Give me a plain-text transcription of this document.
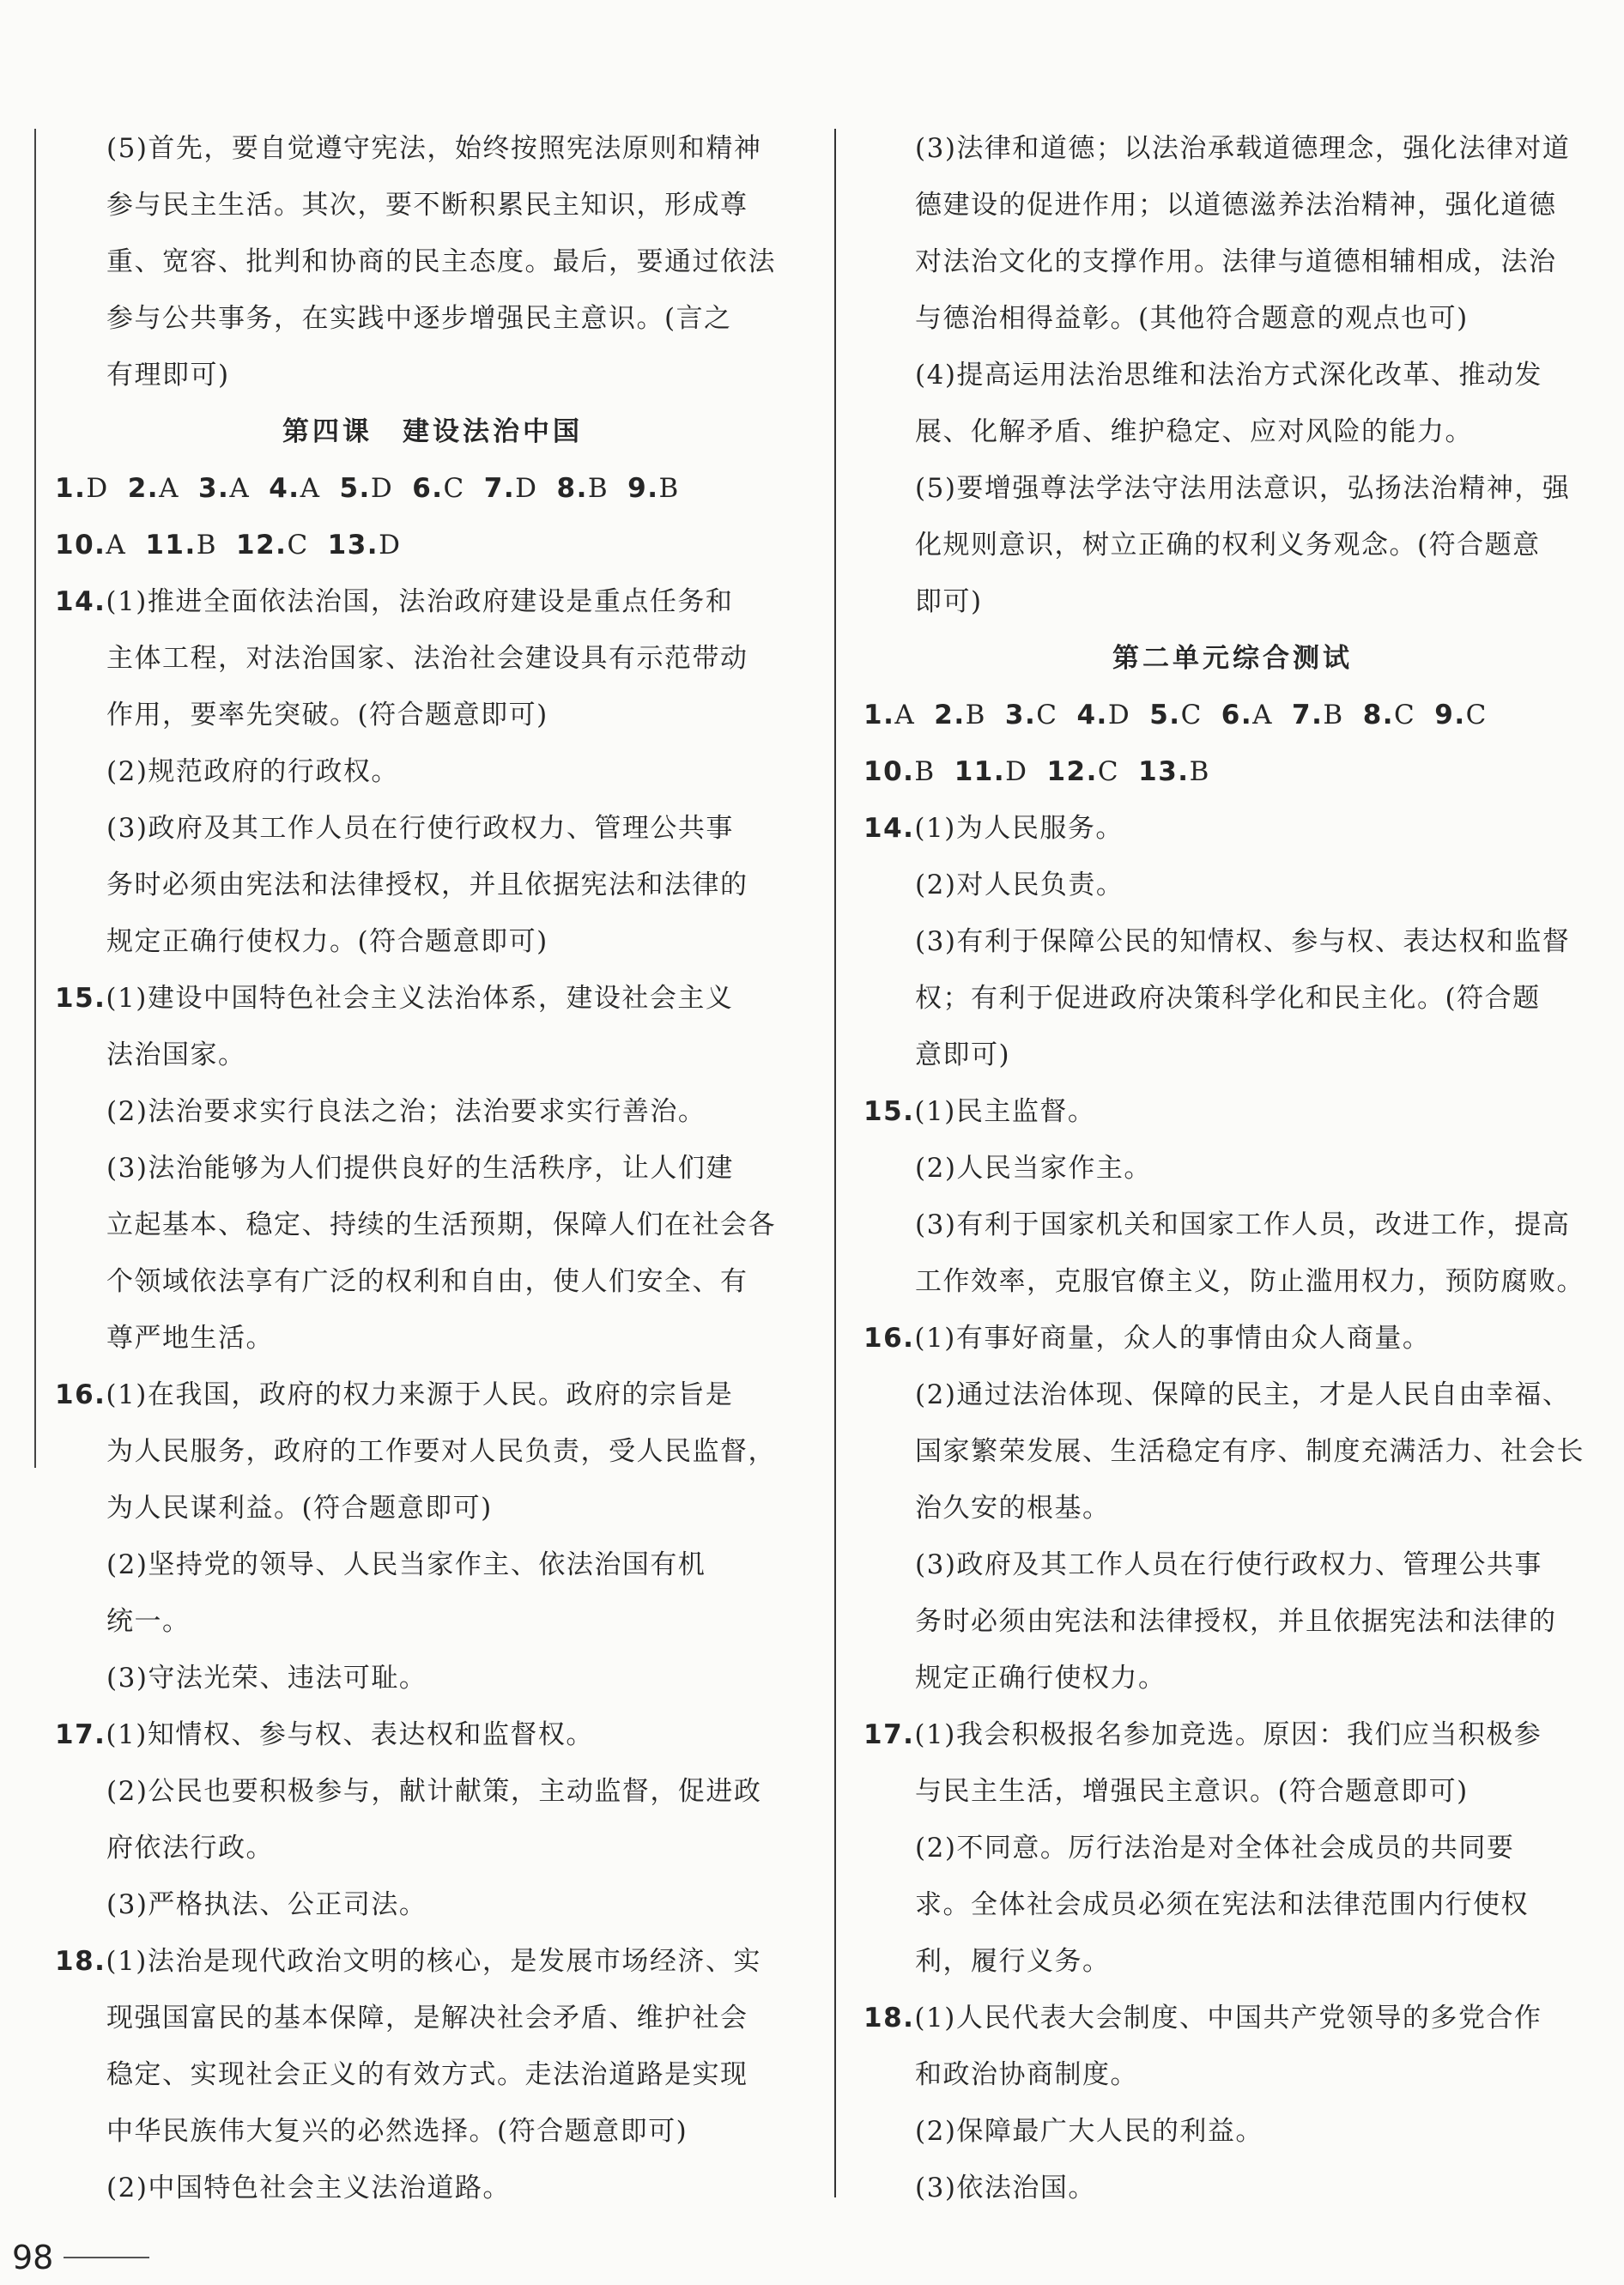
(5)首先，要自觉遵守宪法，始终按照宪法原则和精神
参与民主生活。其次，要不断积累民主知识，形成尊
重、宽容、批判和协商的民主态度。最后，要通过依法
参与公共事务，在实践中逐步增强民主意识。(言之
有理即可)
第四课　建设法治中国
1.D 2.A 3.A 4.A 5.D 6.C 7.D 8.B 9.B
10.A 11.B 12.C 13.D
14.(1)推进全面依法治国，法治政府建设是重点任务和
主体工程，对法治国家、法治社会建设具有示范带动
作用，要率先突破。(符合题意即可)
(2)规范政府的行政权。
(3)政府及其工作人员在行使行政权力、管理公共事
务时必须由宪法和法律授权，并且依据宪法和法律的
规定正确行使权力。(符合题意即可)
15.(1)建设中国特色社会主义法治体系，建设社会主义
法治国家。
(2)法治要求实行良法之治；法治要求实行善治。
(3)法治能够为人们提供良好的生活秩序，让人们建
立起基本、稳定、持续的生活预期，保障人们在社会各
个领域依法享有广泛的权利和自由，使人们安全、有
尊严地生活。
16.(1)在我国，政府的权力来源于人民。政府的宗旨是
为人民服务，政府的工作要对人民负责，受人民监督，
为人民谋利益。(符合题意即可)
(2)坚持党的领导、人民当家作主、依法治国有机
统一。
(3)守法光荣、违法可耻。
17.(1)知情权、参与权、表达权和监督权。
(2)公民也要积极参与，献计献策，主动监督，促进政
府依法行政。
(3)严格执法、公正司法。
18.(1)法治是现代政治文明的核心，是发展市场经济、实
现强国富民的基本保障，是解决社会矛盾、维护社会
稳定、实现社会正义的有效方式。走法治道路是实现
中华民族伟大复兴的必然选择。(符合题意即可)
(2)中国特色社会主义法治道路。
(3)法律和道德；以法治承载道德理念，强化法律对道
德建设的促进作用；以道德滋养法治精神，强化道德
对法治文化的支撑作用。法律与道德相辅相成，法治
与德治相得益彰。(其他符合题意的观点也可)
(4)提高运用法治思维和法治方式深化改革、推动发
展、化解矛盾、维护稳定、应对风险的能力。
(5)要增强尊法学法守法用法意识，弘扬法治精神，强
化规则意识，树立正确的权利义务观念。(符合题意
即可)
第二单元综合测试
1.A 2.B 3.C 4.D 5.C 6.A 7.B 8.C 9.C
10.B 11.D 12.C 13.B
14.(1)为人民服务。
(2)对人民负责。
(3)有利于保障公民的知情权、参与权、表达权和监督
权；有利于促进政府决策科学化和民主化。(符合题
意即可)
15.(1)民主监督。
(2)人民当家作主。
(3)有利于国家机关和国家工作人员，改进工作，提高
工作效率，克服官僚主义，防止滥用权力，预防腐败。
16.(1)有事好商量，众人的事情由众人商量。
(2)通过法治体现、保障的民主，才是人民自由幸福、
国家繁荣发展、生活稳定有序、制度充满活力、社会长
治久安的根基。
(3)政府及其工作人员在行使行政权力、管理公共事
务时必须由宪法和法律授权，并且依据宪法和法律的
规定正确行使权力。
17.(1)我会积极报名参加竞选。原因：我们应当积极参
与民主生活，增强民主意识。(符合题意即可)
(2)不同意。厉行法治是对全体社会成员的共同要
求。全体社会成员必须在宪法和法律范围内行使权
利，履行义务。
18.(1)人民代表大会制度、中国共产党领导的多党合作
和政治协商制度。
(2)保障最广大人民的利益。
(3)依法治国。
98
